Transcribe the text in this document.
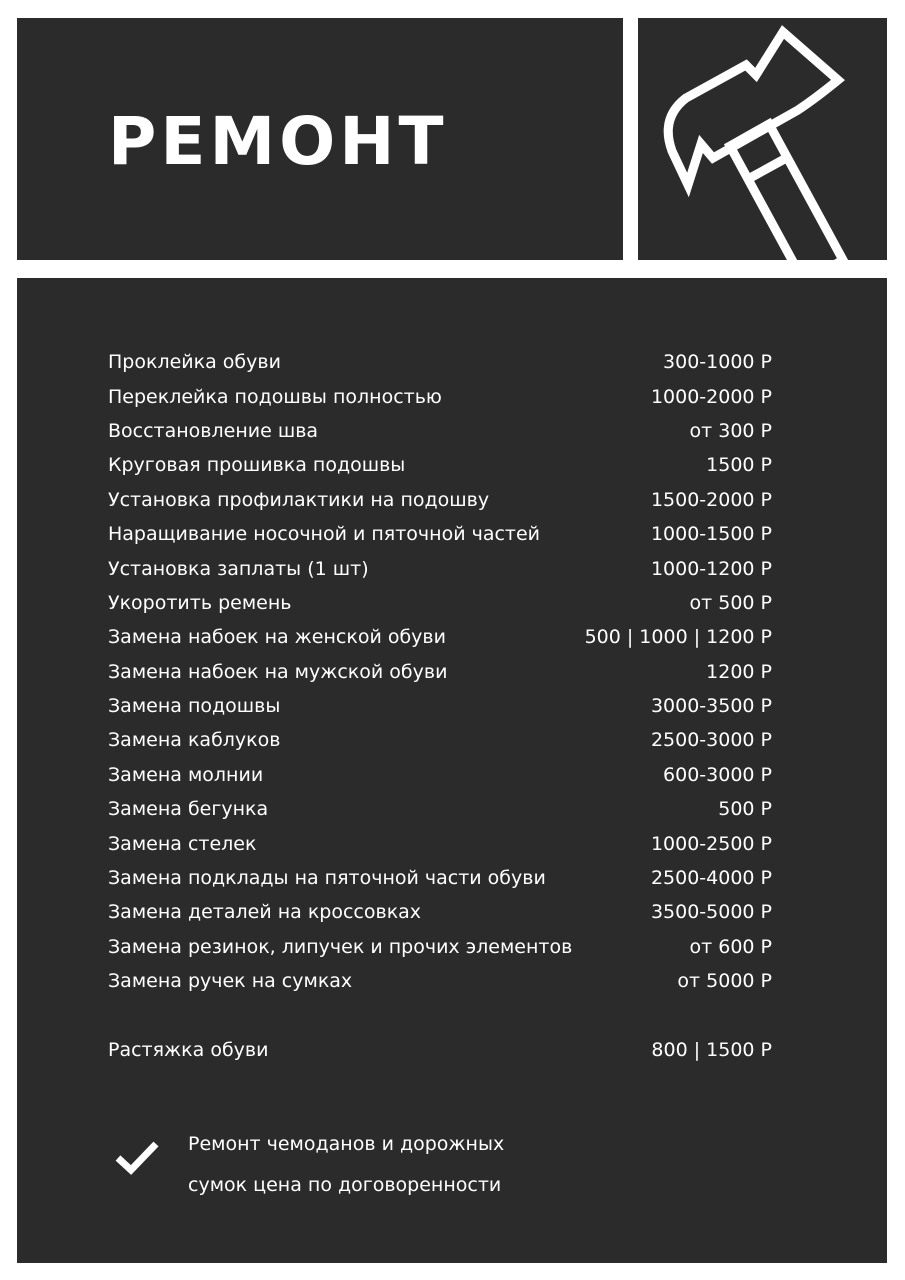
РЕМОНТ
Проклейка обуви	300-1000 Р
Переклейка подошвы полностью	1000-2000 Р
Восстановление шва	от 300 Р
Круговая прошивка подошвы	1500 Р
Установка профилактики на подошву	1500-2000 Р
Наращивание носочной и пяточной частей	1000-1500 Р
Установка заплаты (1 шт)	1000-1200 Р
Укоротить ремень	от 500 Р
Замена набоек на женской обуви	500 | 1000 | 1200 Р
Замена набоек на мужской обуви	1200 Р
Замена подошвы	3000-3500 Р
Замена каблуков	2500-3000 Р
Замена молнии	600-3000 Р
Замена бегунка	500 Р
Замена стелек	1000-2500 Р
Замена подклады на пяточной части обуви	2500-4000 Р
Замена деталей на кроссовках	3500-5000 Р
Замена резинок, липучек и прочих элементов	от 600 Р
Замена ручек на сумках	от 5000 Р
Растяжка обуви	800 | 1500 Р
Ремонт чемоданов и дорожных
сумок цена по договоренности
